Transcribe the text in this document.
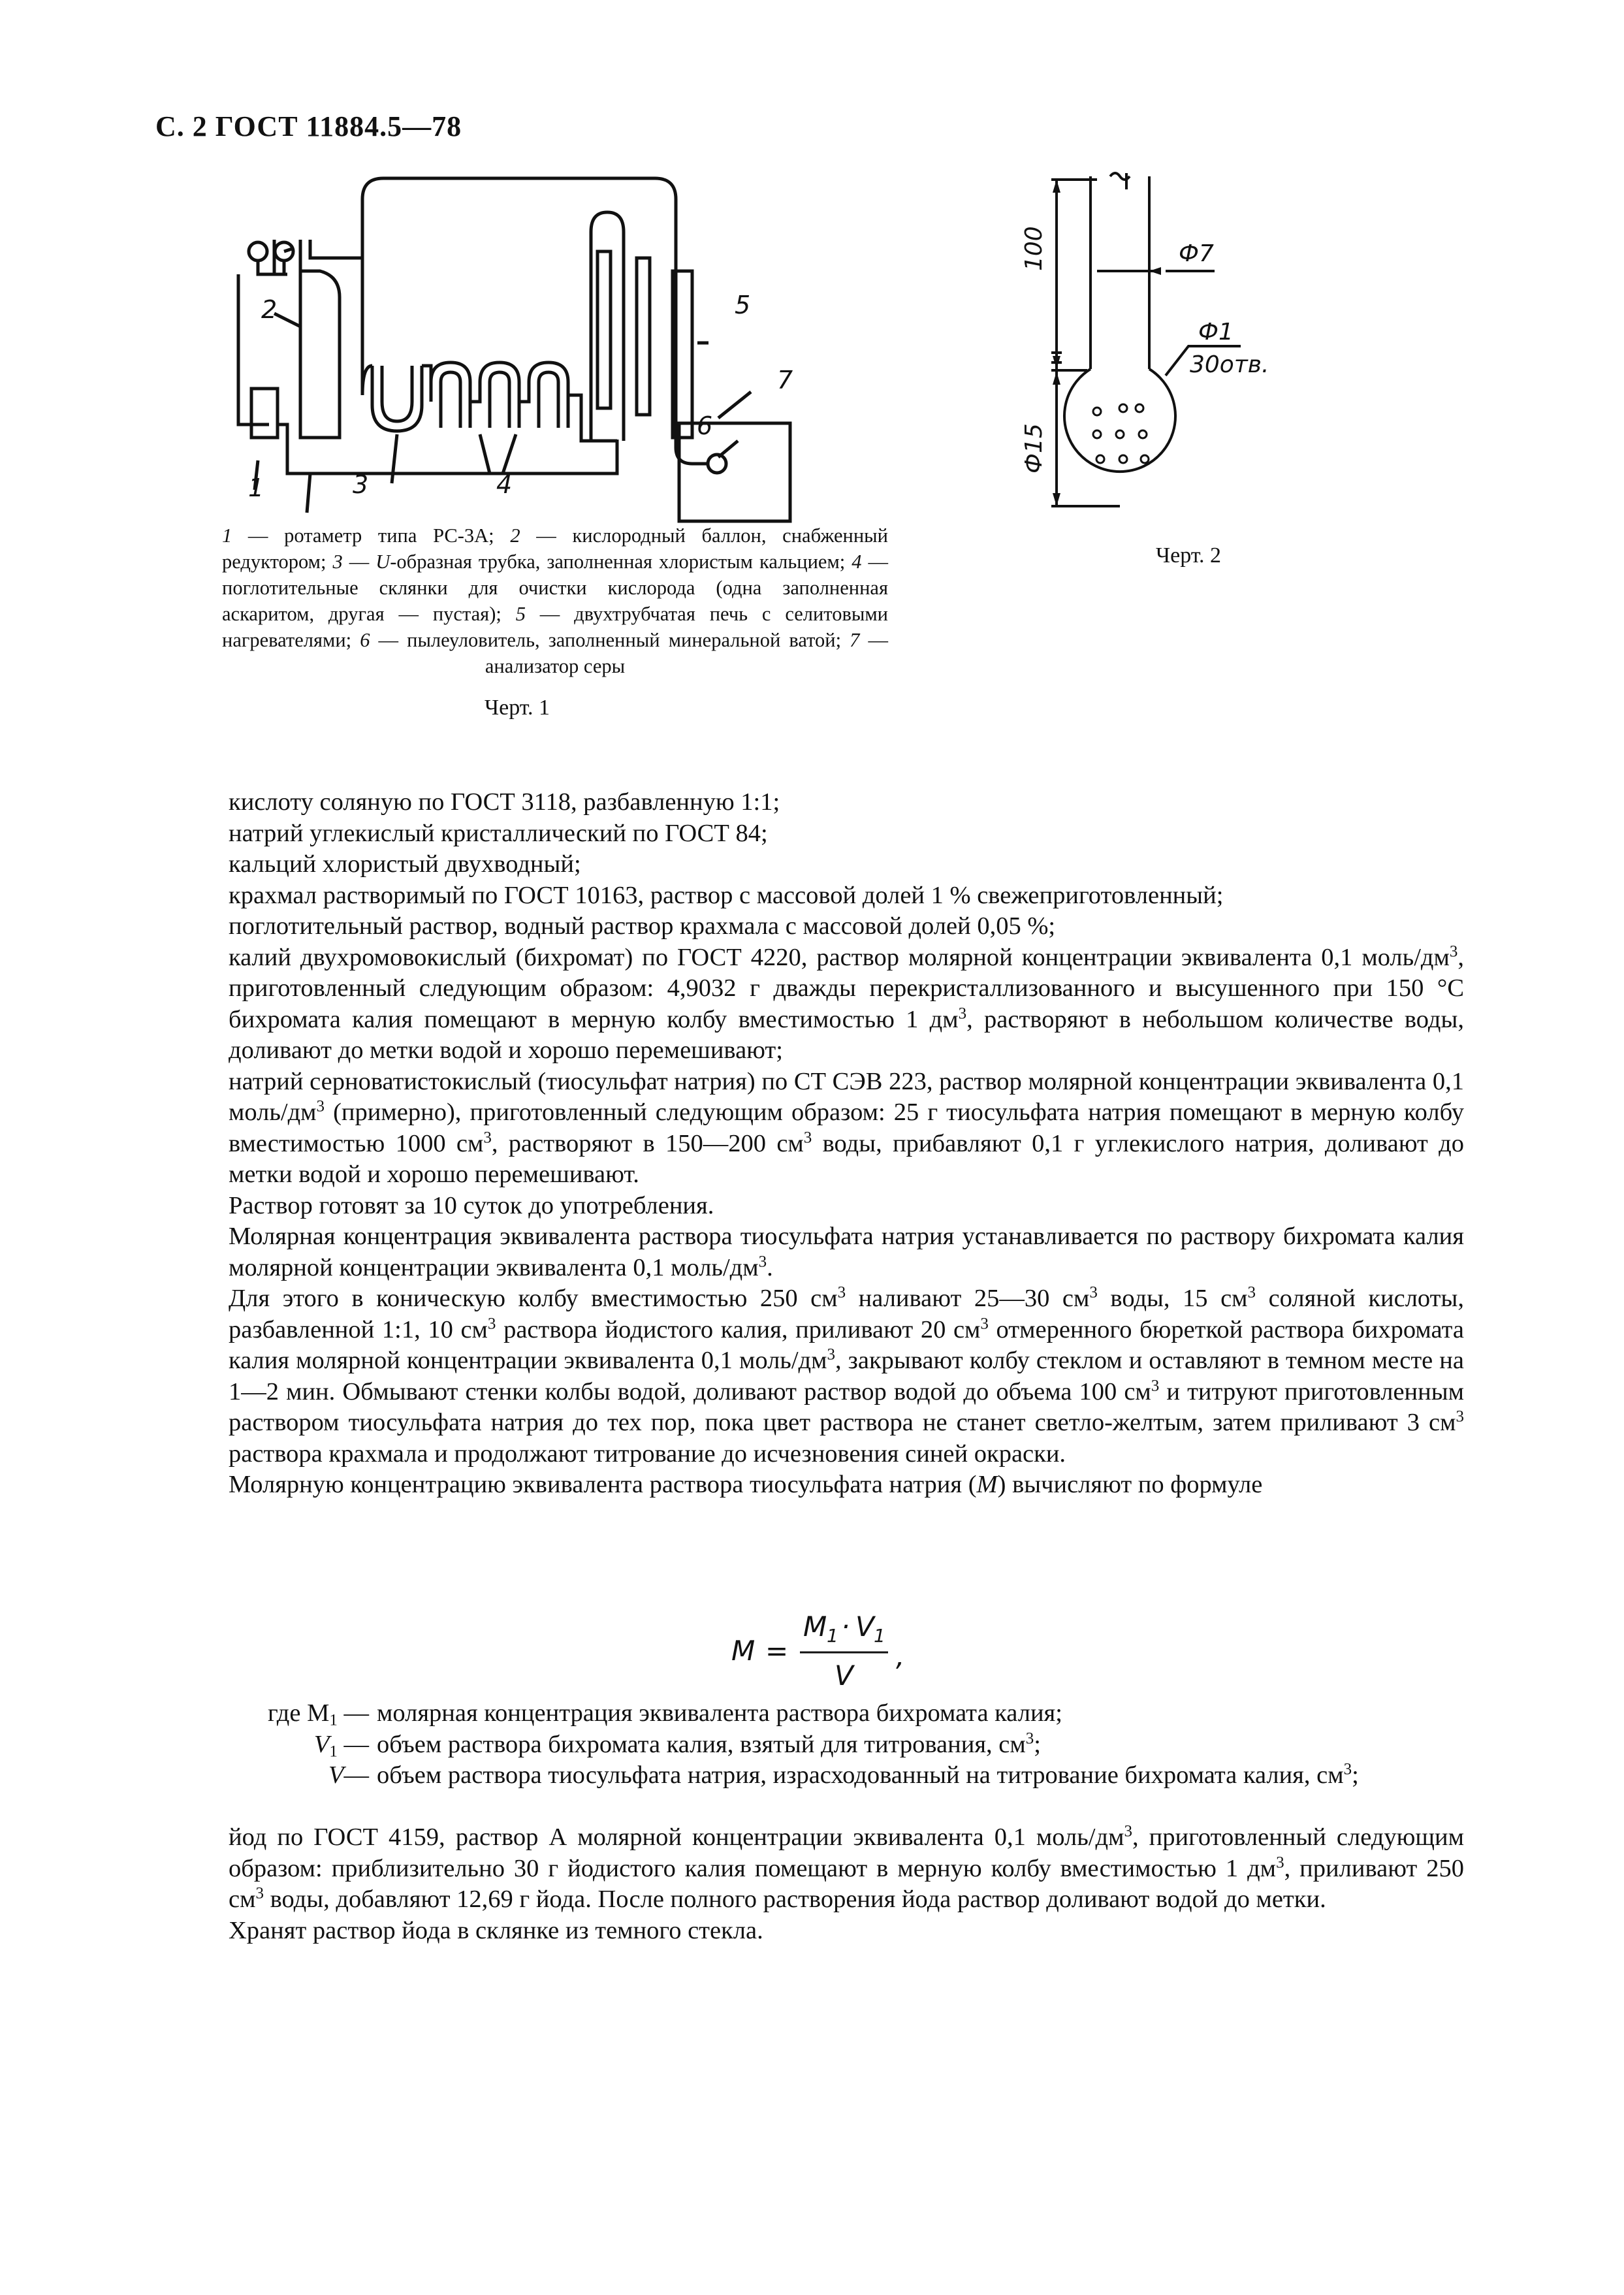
С. 2 ГОСТ 11884.5—78
1
2
3	4
5
6
7
1 — ротаметр типа РС-3А; 2 — кислородный баллон, снабженный редуктором; 3 — U-образная трубка, заполненная хлористым кальцием; 4 — поглотительные склянки для очистки кислорода (одна заполненная аскаритом, другая — пустая); 5 — двухтрубчатая печь с селитовыми нагревателями; 6 — пылеуловитель, заполненный минеральной ватой; 7 — анализатор серы
Черт. 1
100	Ф7
Ф1
30отв.
Ф15
Черт. 2

кислоту соляную по ГОСТ 3118, разбавленную 1:1;

натрий углекислый кристаллический по ГОСТ 84;

кальций хлористый двухводный;

крахмал растворимый по ГОСТ 10163, раствор с массовой долей 1 % свежеприготовленный;

поглотительный раствор, водный раствор крахмала с массовой долей 0,05 %;

калий двухромовокислый (бихромат) по ГОСТ 4220, раствор молярной концентрации эквивалента 0,1 моль/$дм^3$, приготовленный следующим образом: 4,9032 г дважды перекристаллизованного и высушенного при 150 °С бихромата калия помещают в мерную колбу вместимостью 1 $дм^3$, растворяют в небольшом количестве воды, доливают до метки водой и хорошо перемешивают;

натрий серноватистокислый (тиосульфат натрия) по СТ СЭВ 223, раствор молярной концентрации эквивалента 0,1 моль/$дм^3$ (примерно), приготовленный следующим образом: 25 г тиосульфата натрия помещают в мерную колбу вместимостью 1000 $см^3$, растворяют в 150—200 $см^3$ воды, прибавляют 0,1 г углекислого натрия, доливают до метки водой и хорошо перемешивают.

Раствор готовят за 10 суток до употребления.

Молярная концентрация эквивалента раствора тиосульфата натрия устанавливается по раствору бихромата калия молярной концентрации эквивалента 0,1 моль/$дм^3$.

Для этого в коническую колбу вместимостью 250 $см^3$ наливают 25—30 $см^3$ воды, 15 $см^3$ соляной кислоты, разбавленной 1:1, 10 $см^3$ раствора йодистого калия, приливают 20 $см^3$ отмеренного бюреткой раствора бихромата калия молярной концентрации эквивалента 0,1 моль/$дм^3$, закрывают колбу стеклом и оставляют в темном месте на 1—2 мин. Обмывают стенки колбы водой, доливают раствор водой до объема 100 $см^3$ и титруют приготовленным раствором тиосульфата натрия до тех пор, пока цвет раствора не станет светло-желтым, затем приливают 3 $см^3$ раствора крахмала и продолжают титрование до исчезновения синей окраски.

Молярную концентрацию эквивалента раствора тиосульфата натрия (M) вычисляют по формуле

M =
M 1 · V 1
V
,
где $M_1$ — молярная концентрация эквивалента раствора бихромата калия;
$V_1$ — объем раствора бихромата калия, взятый для титрования, $см^3$;
V— объем раствора тиосульфата натрия, израсходованный на титрование бихромата калия, $см^3$;

йод по ГОСТ 4159, раствор А молярной концентрации эквивалента 0,1 моль/$дм^3$, приготовленный следующим образом: приблизительно 30 г йодистого калия помещают в мерную колбу вместимостью 1 $дм^3$, приливают 250 $см^3$ воды, добавляют 12,69 г йода. После полного растворения йода раствор доливают водой до метки.

Хранят раствор йода в склянке из темного стекла.
